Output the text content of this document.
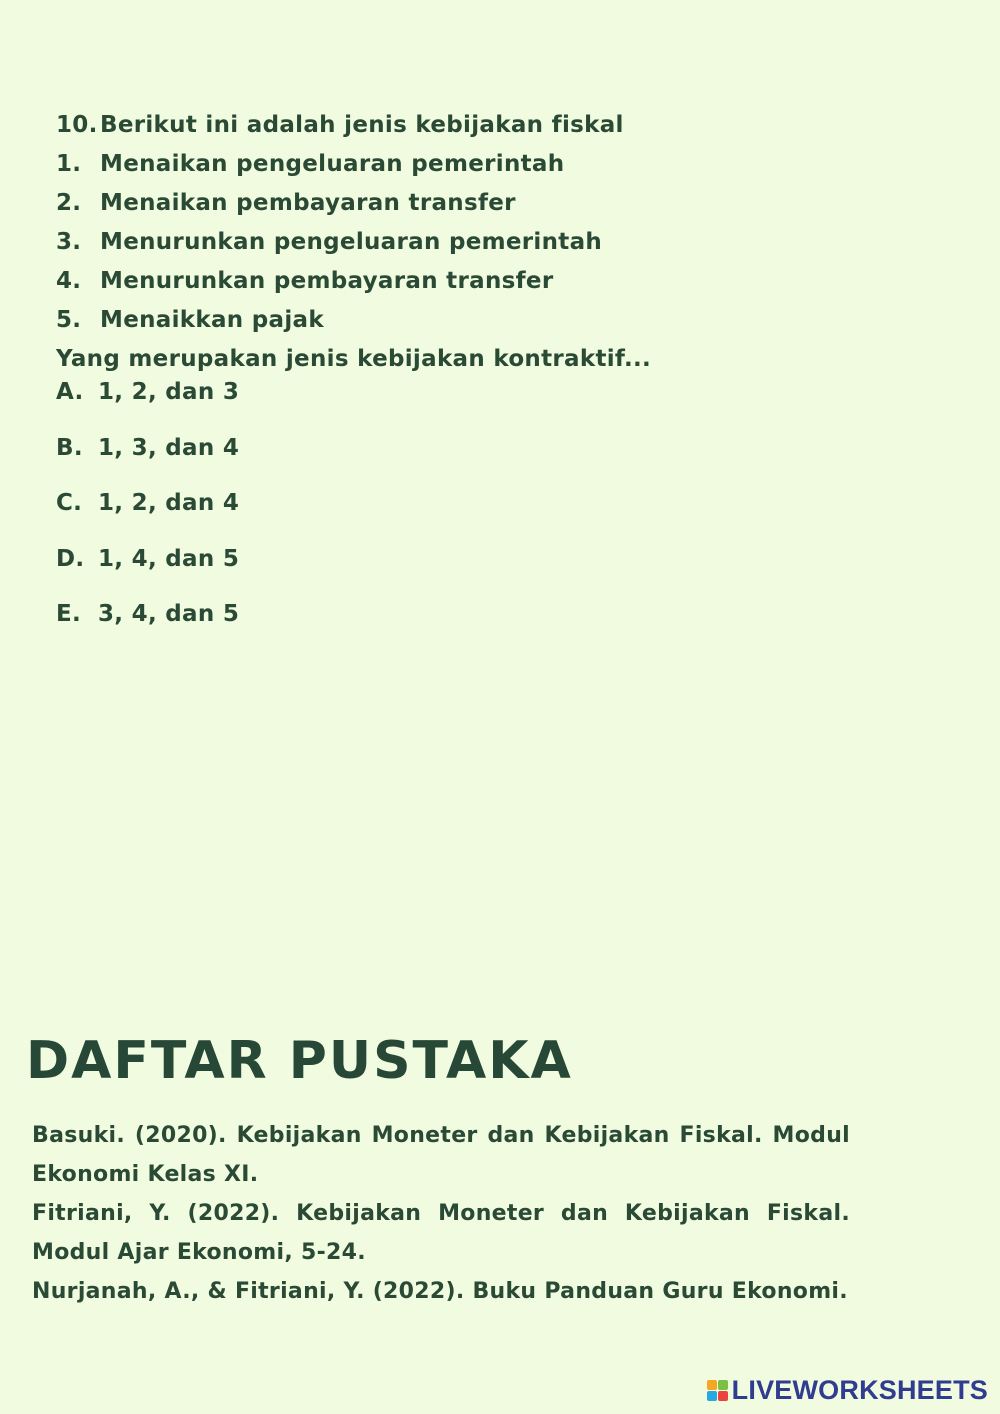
10. Berikut ini adalah jenis kebijakan fiskal
1. Menaikan pengeluaran pemerintah
2. Menaikan pembayaran transfer
3. Menurunkan pengeluaran pemerintah
4. Menurunkan pembayaran transfer
5. Menaikkan pajak
Yang merupakan jenis kebijakan kontraktif...
A. 1, 2, dan 3
B. 1, 3, dan 4
C. 1, 2, dan 4
D. 1, 4, dan 5
E. 3, 4, dan 5
DAFTAR PUSTAKA
Basuki. (2020). Kebijakan Moneter dan Kebijakan Fiskal. Modul Ekonomi Kelas XI.
Fitriani, Y. (2022). Kebijakan Moneter dan Kebijakan Fiskal. Modul Ajar Ekonomi, 5-24.
Nurjanah, A., & Fitriani, Y. (2022). Buku Panduan Guru Ekonomi.
LIVEWORKSHEETS
